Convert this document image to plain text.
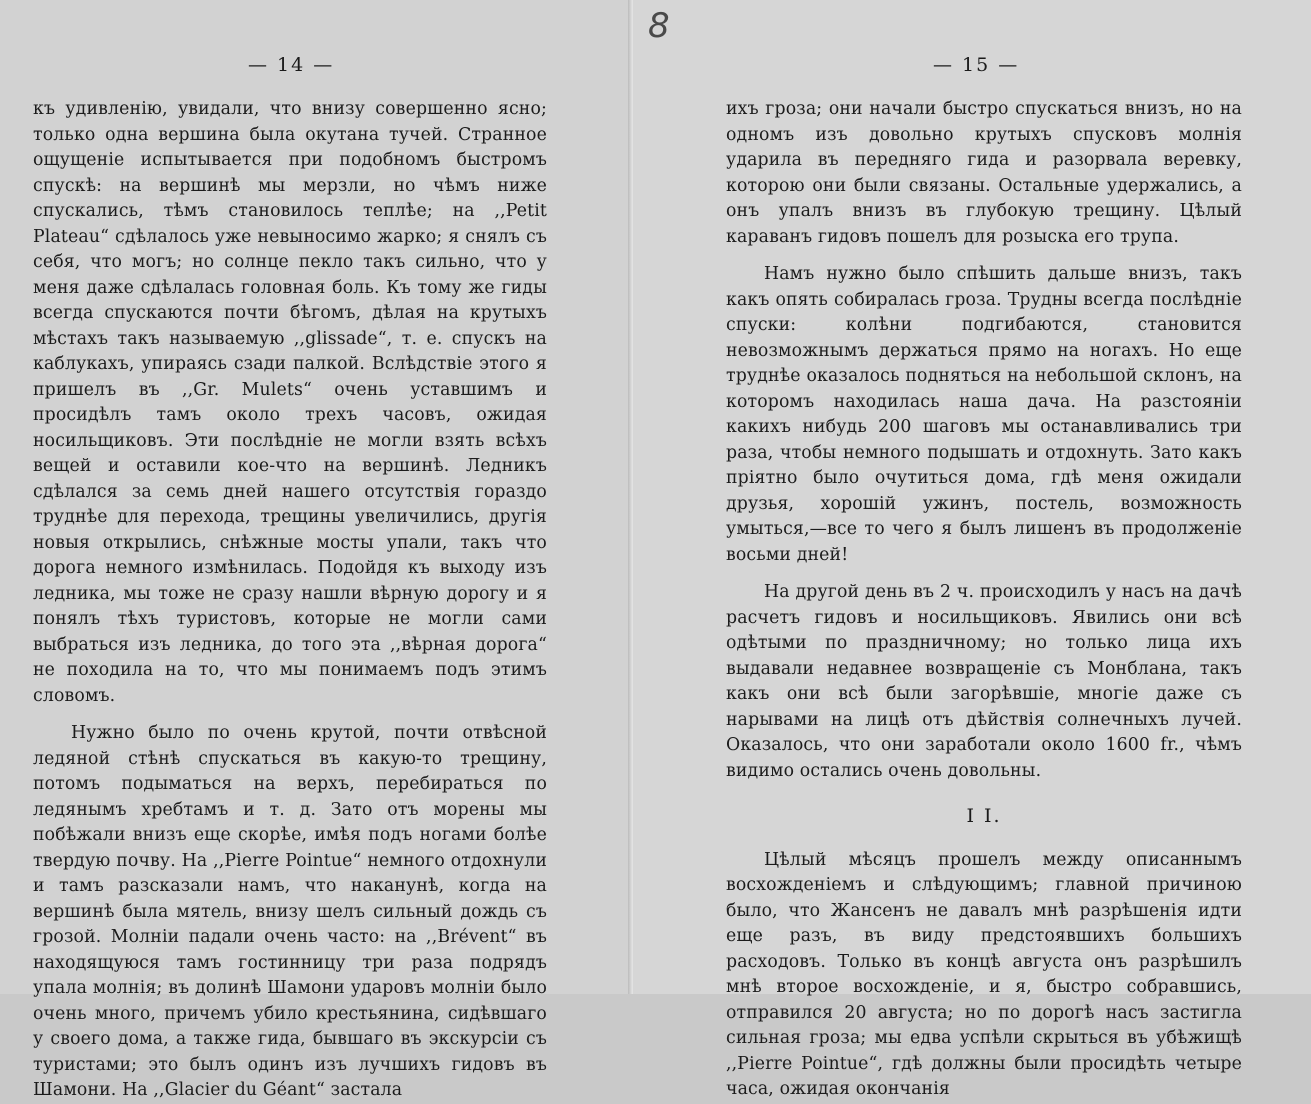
— 14 —

къ удивленію, увидали, что внизу совершенно ясно; только одна вершина была окутана тучей. Странное ощущеніе испытывается при подобномъ быстромъ спускѣ: на вершинѣ мы мерзли, но чѣмъ ниже спускались, тѣмъ становилось теплѣе; на ,,Petit Plateau“ сдѣлалось уже невыносимо жарко; я снялъ съ себя, что могъ; но солнце пекло такъ сильно, что у меня даже сдѣлалась головная боль. Къ тому же гиды всегда спускаются почти бѣгомъ, дѣлая на крутыхъ мѣстахъ такъ называемую ,,glissade“, т. е. спускъ на каблукахъ, упираясь сзади палкой. Вслѣдствіе этого я пришелъ въ ,,Gr. Mulets“ очень уставшимъ и просидѣлъ тамъ около трехъ часовъ, ожидая носильщиковъ. Эти послѣдніе не могли взять всѣхъ вещей и оставили кое-что на вершинѣ. Ледникъ сдѣлался за семь дней нашего отсутствія гораздо труднѣе для перехода, трещины увеличились, другія новыя открылись, снѣжные мосты упали, такъ что дорога немного измѣнилась. Подойдя къ выходу изъ ледника, мы тоже не сразу нашли вѣрную дорогу и я понялъ тѣхъ туристовъ, которые не могли сами выбраться изъ ледника, до того эта ,,вѣрная дорога“ не походила на то, что мы понимаемъ подъ этимъ словомъ.

Нужно было по очень крутой, почти отвѣсной ледяной стѣнѣ спускаться въ какую-то трещину, потомъ подыматься на верхъ, перебираться по ледянымъ хребтамъ и т. д. Зато отъ морены мы побѣжали внизъ еще скорѣе, имѣя подъ ногами болѣе твердую почву. На ,,Pierre Pointue“ немного отдохнули и тамъ разсказали намъ, что наканунѣ, когда на вершинѣ была мятель, внизу шелъ сильный дождь съ грозой. Молніи падали очень часто: на ,,Brévent“ въ находящуюся тамъ гостинницу три раза подрядъ упала молнія; въ долинѣ Шамони ударовъ молніи было очень много, причемъ убило крестьянина, сидѣвшаго у своего дома, а также гида, бывшаго въ экскурсіи съ туристами; это былъ одинъ изъ лучшихъ гидовъ въ Шамони. На ,,Glacier du Géant“ застала

— 15 —

ихъ гроза; они начали быстро спускаться внизъ, но на одномъ изъ довольно крутыхъ спусковъ молнія ударила въ передняго гида и разорвала веревку, которою они были связаны. Остальные удержались, а онъ упалъ внизъ въ глубокую трещину. Цѣлый караванъ гидовъ пошелъ для розыска его трупа.

Намъ нужно было спѣшить дальше внизъ, такъ какъ опять собиралась гроза. Трудны всегда послѣдніе спуски: колѣни подгибаются, становится невозможнымъ держаться прямо на ногахъ. Но еще труднѣе оказалось подняться на небольшой склонъ, на которомъ находилась наша дача. На разстояніи какихъ нибудь 200 шаговъ мы останавливались три раза, чтобы немного подышать и отдохнуть. Зато какъ пріятно было очутиться дома, гдѣ меня ожидали друзья, хорошій ужинъ, постель, возможность умыться,—все то чего я былъ лишенъ въ продолженіе восьми дней!

На другой день въ 2 ч. происходилъ у насъ на дачѣ расчетъ гидовъ и носильщиковъ. Явились они всѣ одѣтыми по праздничному; но только лица ихъ выдавали недавнее возвращеніе съ Монблана, такъ какъ они всѣ были загорѣвшіе, многіе даже съ нарывами на лицѣ отъ дѣйствія солнечныхъ лучей. Оказалось, что они заработали около 1600 fr., чѣмъ видимо остались очень довольны.

I I.

Цѣлый мѣсяцъ прошелъ между описаннымъ восхожденіемъ и слѣдующимъ; главной причиною было, что Жансенъ не давалъ мнѣ разрѣшенія идти еще разъ, въ виду предстоявшихъ большихъ расходовъ. Только въ концѣ августа онъ разрѣшилъ мнѣ второе восхожденіе, и я, быстро собравшись, отправился 20 августа; но по дорогѣ насъ застигла сильная гроза; мы едва успѣли скрыться въ убѣжищѣ ,,Pierre Pointue“, гдѣ должны были просидѣть четыре часа, ожидая окончанія

8
